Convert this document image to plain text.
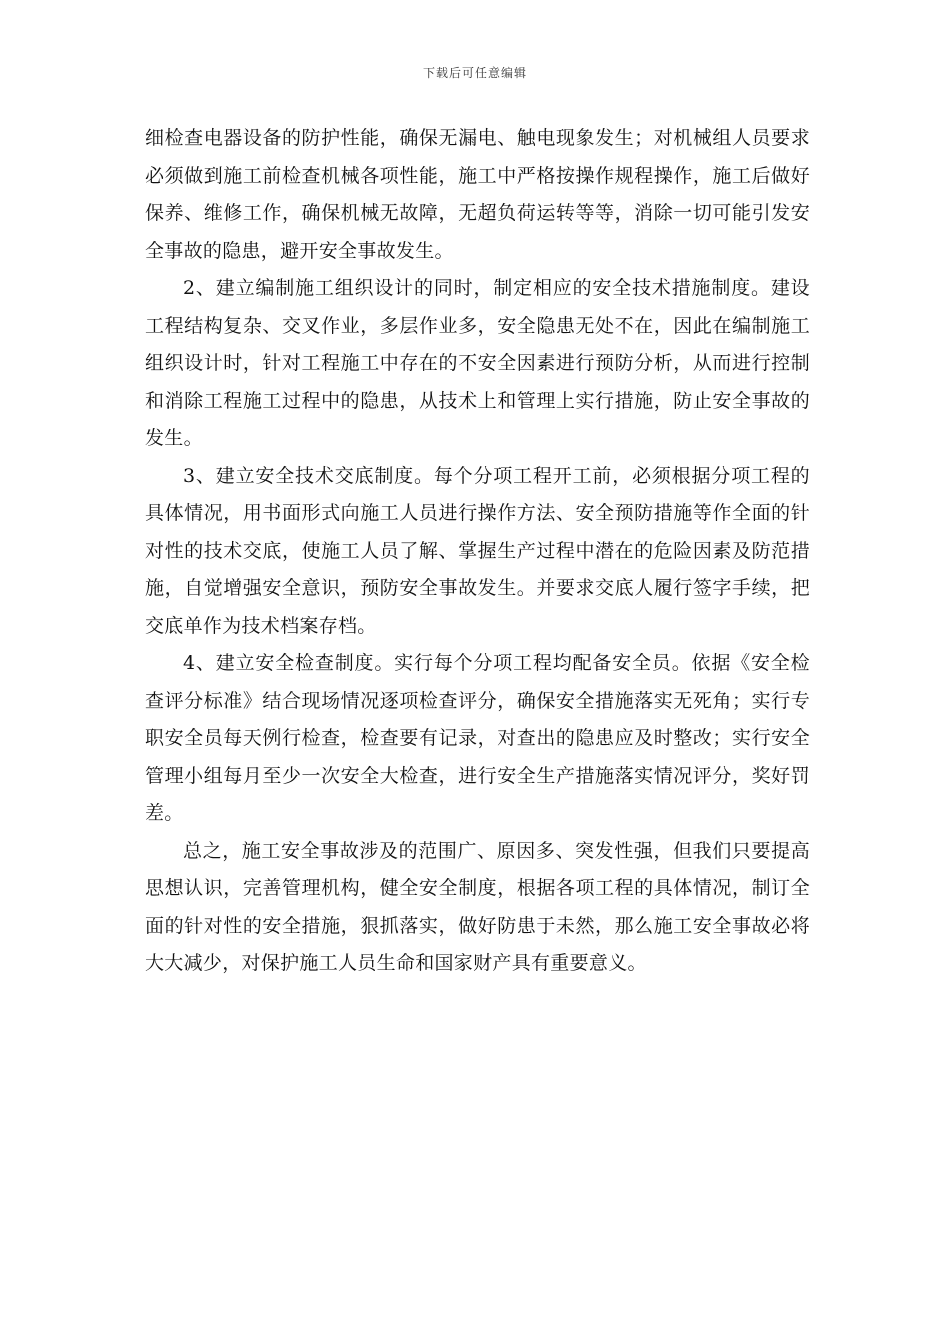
下载后可任意编辑

细检查电器设备的防护性能，确保无漏电、触电现象发生；对机械组人员要求必须做到施工前检查机械各项性能，施工中严格按操作规程操作，施工后做好保养、维修工作，确保机械无故障，无超负荷运转等等，消除一切可能引发安全事故的隐患，避开安全事故发生。

2、建立编制施工组织设计的同时，制定相应的安全技术措施制度。建设工程结构复杂、交叉作业，多层作业多，安全隐患无处不在，因此在编制施工组织设计时，针对工程施工中存在的不安全因素进行预防分析，从而进行控制和消除工程施工过程中的隐患，从技术上和管理上实行措施，防止安全事故的发生。

3、建立安全技术交底制度。每个分项工程开工前，必须根据分项工程的具体情况，用书面形式向施工人员进行操作方法、安全预防措施等作全面的针对性的技术交底，使施工人员了解、掌握生产过程中潜在的危险因素及防范措施，自觉增强安全意识，预防安全事故发生。并要求交底人履行签字手续，把交底单作为技术档案存档。

4、建立安全检查制度。实行每个分项工程均配备安全员。依据《安全检查评分标准》结合现场情况逐项检查评分，确保安全措施落实无死角；实行专职安全员每天例行检查，检查要有记录，对查出的隐患应及时整改；实行安全管理小组每月至少一次安全大检查，进行安全生产措施落实情况评分，奖好罚差。

总之，施工安全事故涉及的范围广、原因多、突发性强，但我们只要提高思想认识，完善管理机构，健全安全制度，根据各项工程的具体情况，制订全面的针对性的安全措施，狠抓落实，做好防患于未然，那么施工安全事故必将大大减少，对保护施工人员生命和国家财产具有重要意义。
